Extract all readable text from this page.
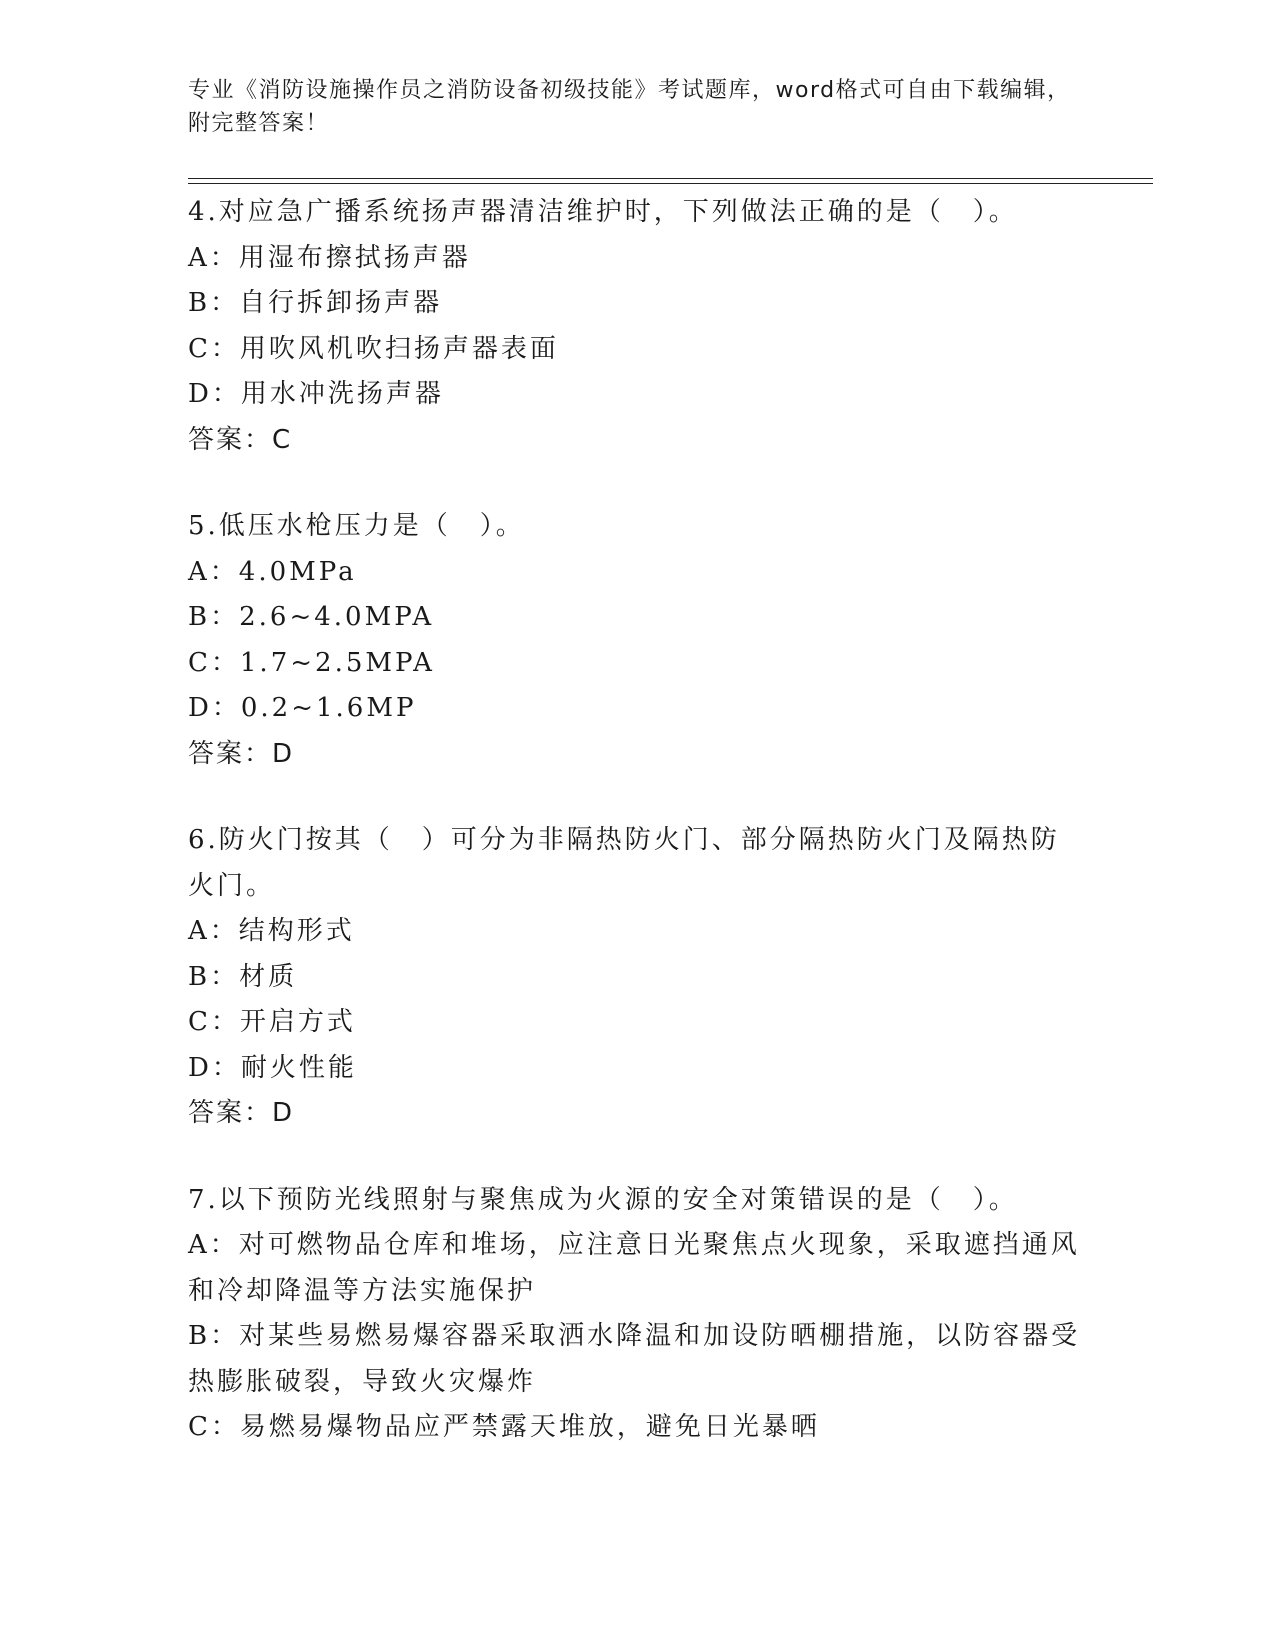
专业《消防设施操作员之消防设备初级技能》考试题库，word格式可自由下载编辑，附完整答案！
4.对应急广播系统扬声器清洁维护时，下列做法正确的是（　）。
A：用湿布擦拭扬声器
B：自行拆卸扬声器
C：用吹风机吹扫扬声器表面
D：用水冲洗扬声器
答案：C
5.低压水枪压力是（　）。
A：4.0MPa
B：2.6~4.0MPA
C：1.7~2.5MPA
D：0.2~1.6MP
答案：D
6.防火门按其（　）可分为非隔热防火门、部分隔热防火门及隔热防火门。
A：结构形式
B：材质
C：开启方式
D：耐火性能
答案：D
7.以下预防光线照射与聚焦成为火源的安全对策错误的是（　）。
A：对可燃物品仓库和堆场，应注意日光聚焦点火现象，采取遮挡通风和冷却降温等方法实施保护
B：对某些易燃易爆容器采取洒水降温和加设防晒棚措施，以防容器受热膨胀破裂，导致火灾爆炸
C：易燃易爆物品应严禁露天堆放，避免日光暴晒
